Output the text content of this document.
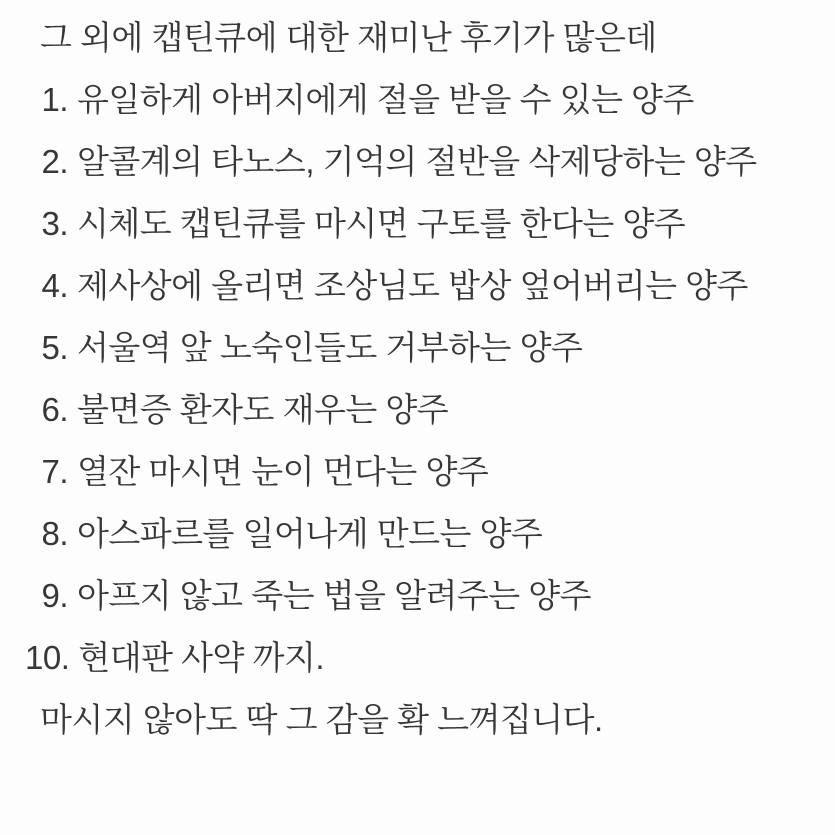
그 외에 캡틴큐에 대한 재미난 후기가 많은데
1. 유일하게 아버지에게 절을 받을 수 있는 양주
2. 알콜계의 타노스, 기억의 절반을 삭제당하는 양주
3. 시체도 캡틴큐를 마시면 구토를 한다는 양주
4. 제사상에 올리면 조상님도 밥상 엎어버리는 양주
5. 서울역 앞 노숙인들도 거부하는 양주
6. 불면증 환자도 재우는 양주
7. 열잔 마시면 눈이 먼다는 양주
8. 아스파르를 일어나게 만드는 양주
9. 아프지 않고 죽는 법을 알려주는 양주
10. 현대판 사약 까지.
마시지 않아도 딱 그 감을 확 느껴집니다.
